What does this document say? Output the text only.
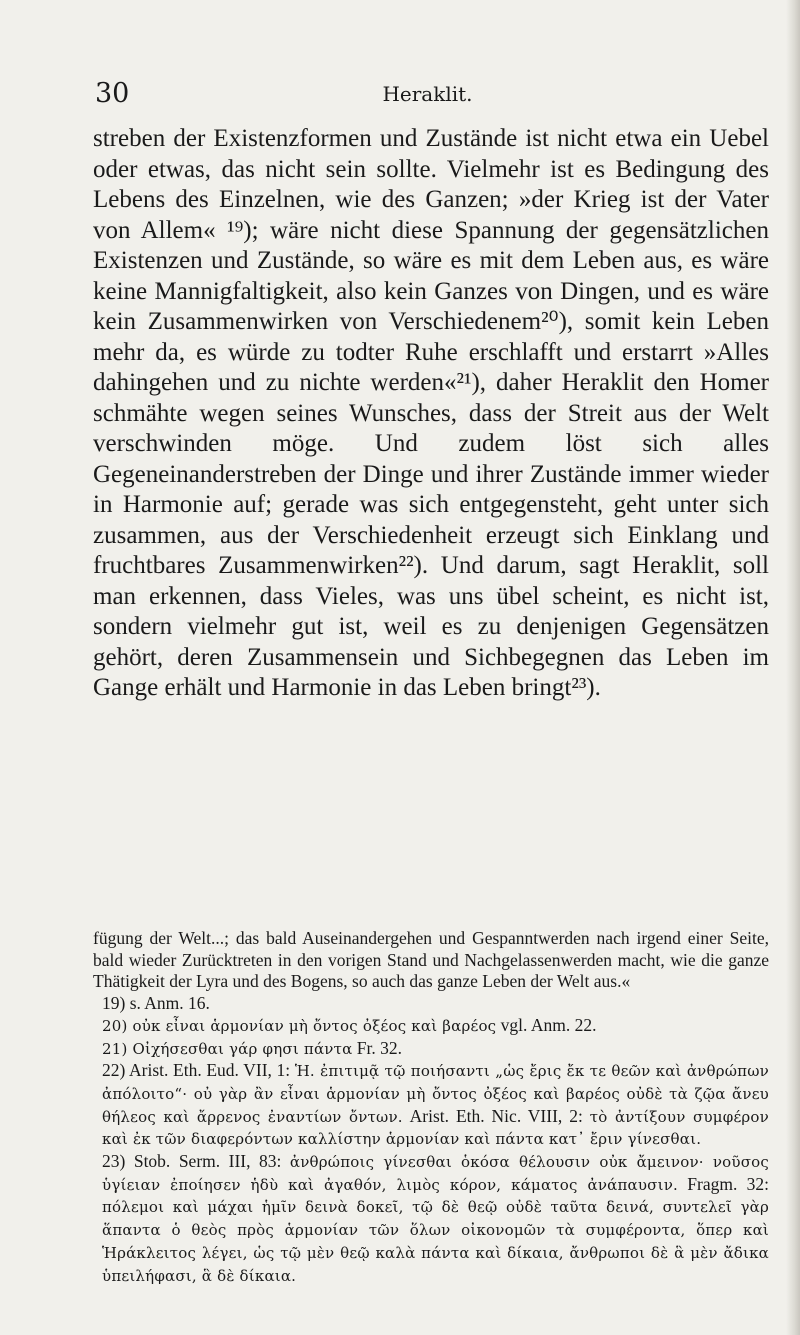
30	Heraklit.

streben der Existenzformen und Zustände ist nicht etwa ein Uebel oder etwas, das nicht sein sollte. Vielmehr ist es Bedingung des Lebens des Einzelnen, wie des Ganzen; »der Krieg ist der Vater von Allem« ¹⁹); wäre nicht diese Spannung der gegensätzlichen Existenzen und Zustände, so wäre es mit dem Leben aus, es wäre keine Mannigfaltigkeit, also kein Ganzes von Dingen, und es wäre kein Zusammenwirken von Verschiedenem²⁰), somit kein Leben mehr da, es würde zu todter Ruhe erschlafft und erstarrt »Alles dahingehen und zu nichte werden«²¹), daher Heraklit den Homer schmähte wegen seines Wunsches, dass der Streit aus der Welt verschwinden möge. Und zudem löst sich alles Gegeneinanderstreben der Dinge und ihrer Zustände immer wieder in Harmonie auf; gerade was sich entgegensteht, geht unter sich zusammen, aus der Verschiedenheit erzeugt sich Einklang und fruchtbares Zusammenwirken²²). Und darum, sagt Heraklit, soll man erkennen, dass Vieles, was uns übel scheint, es nicht ist, sondern vielmehr gut ist, weil es zu denjenigen Gegensätzen gehört, deren Zusammensein und Sichbegegnen das Leben im Gange erhält und Harmonie in das Leben bringt²³).

fügung der Welt...; das bald Auseinandergehen und Gespanntwerden nach irgend einer Seite, bald wieder Zurücktreten in den vorigen Stand und Nachgelassenwerden macht, wie die ganze Thätigkeit der Lyra und des Bogens, so auch das ganze Leben der Welt aus.«

19) s. Anm. 16.

20) οὐκ εἶναι ἁρμονίαν μὴ ὄντος ὀξέος καὶ βαρέος vgl. Anm. 22.

21) Οἰχήσεσθαι γάρ φησι πάντα Fr. 32.

22) Arist. Eth. Eud. VII, 1: Ἡ. ἐπιτιμᾷ τῷ ποιήσαντι „ὡς ἔρις ἔκ τε θεῶν καὶ ἀνθρώπων ἀπόλοιτο“· οὐ γὰρ ἂν εἶναι ἁρμονίαν μὴ ὄντος ὀξέος καὶ βαρέος οὐδὲ τὰ ζῷα ἄνευ θήλεος καὶ ἄρρενος ἐναντίων ὄντων. Arist. Eth. Nic. VIII, 2: τὸ ἀντίξουν συμφέρον καὶ ἐκ τῶν διαφερόντων καλλίστην ἁρμονίαν καὶ πάντα κατ᾽ ἔριν γίνεσθαι.

23) Stob. Serm. III, 83: ἀνθρώποις γίνεσθαι ὁκόσα θέλουσιν οὐκ ἄμεινον· νοῦσος ὑγίειαν ἐποίησεν ἡδὺ καὶ ἀγαθόν, λιμὸς κόρον, κάματος ἀνάπαυσιν. Fragm. 32: πόλεμοι καὶ μάχαι ἡμῖν δεινὰ δοκεῖ, τῷ δὲ θεῷ οὐδὲ ταῦτα δεινά, συντελεῖ γὰρ ἅπαντα ὁ θεὸς πρὸς ἁρμονίαν τῶν ὅλων οἰκονομῶν τὰ συμφέροντα, ὅπερ καὶ Ἡράκλειτος λέγει, ὡς τῷ μὲν θεῷ καλὰ πάντα καὶ δίκαια, ἄνθρωποι δὲ ἃ μὲν ἄδικα ὑπειλήφασι, ἃ δὲ δίκαια.
